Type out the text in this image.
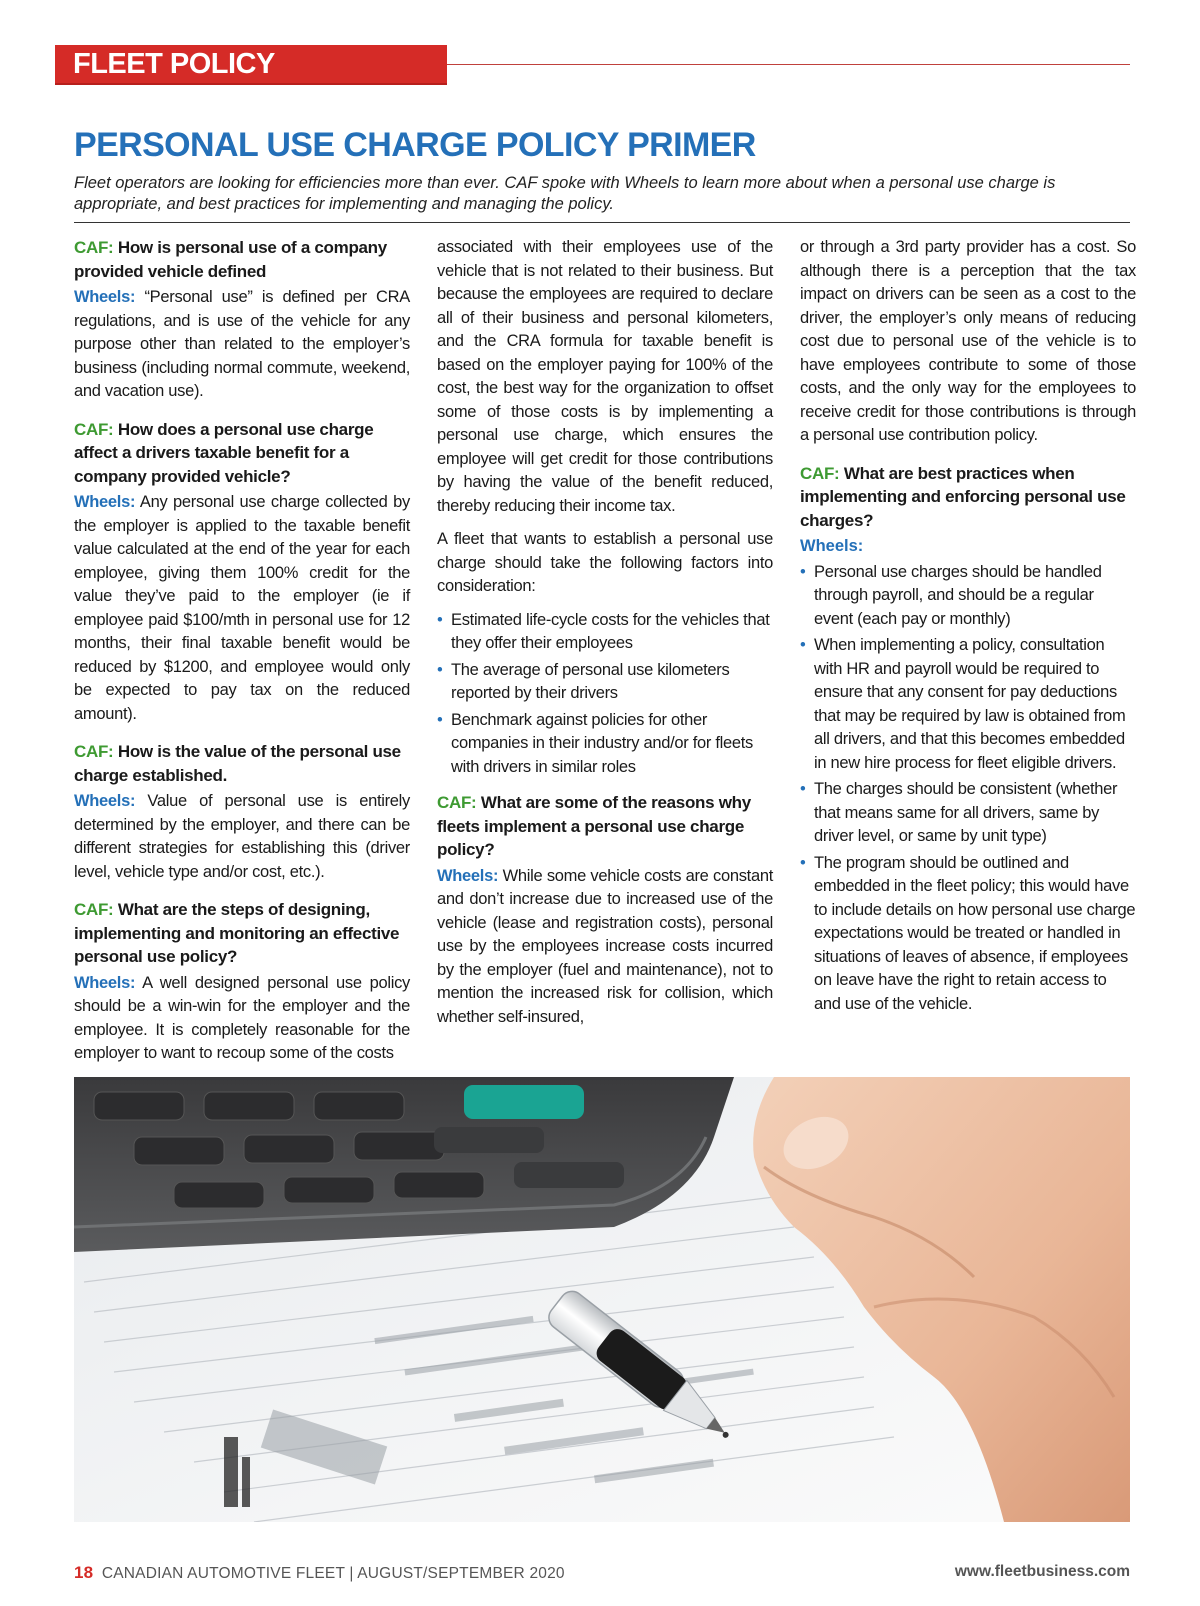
FLEET POLICY
PERSONAL USE CHARGE POLICY PRIMER

Fleet operators are looking for efficiencies more than ever. CAF spoke with Wheels to learn more about when a personal use charge is appropriate, and best practices for implementing and managing the policy.

CAF: How is personal use of a company provided vehicle defined

Wheels: “Personal use” is defined per CRA regulations, and is use of the vehicle for any purpose other than related to the employer’s business (including normal commute, weekend, and vacation use).

CAF: How does a personal use charge affect a drivers taxable benefit for a company provided vehicle?

Wheels: Any personal use charge collected by the employer is applied to the taxable benefit value calculated at the end of the year for each employee, giving them 100% credit for the value they’ve paid to the employer (ie if employee paid $100/mth in personal use for 12 months, their final taxable benefit would be reduced by $1200, and employee would only be expected to pay tax on the reduced amount).

CAF: How is the value of the personal use charge established.

Wheels: Value of personal use is entirely determined by the employer, and there can be different strategies for establishing this (driver level, vehicle type and/or cost, etc.).

CAF: What are the steps of designing, implementing and monitoring an effective personal use policy?

Wheels: A well designed personal use policy should be a win-win for the employer and the employee. It is completely reasonable for the employer to want to recoup some of the costs

associated with their employees use of the vehicle that is not related to their business. But because the employees are required to declare all of their business and personal kilometers, and the CRA formula for taxable benefit is based on the employer paying for 100% of the cost, the best way for the organization to offset some of those costs is by implementing a personal use charge, which ensures the employee will get credit for those contributions by having the value of the benefit reduced, thereby reducing their income tax.

A fleet that wants to establish a personal use charge should take the following factors into consideration:

• Estimated life-cycle costs for the vehicles that they offer their employees
• The average of personal use kilometers reported by their drivers
• Benchmark against policies for other companies in their industry and/or for fleets with drivers in similar roles

CAF: What are some of the reasons why fleets implement a personal use charge policy?

Wheels: While some vehicle costs are constant and don’t increase due to increased use of the vehicle (lease and registration costs), personal use by the employees increase costs incurred by the employer (fuel and maintenance), not to mention the increased risk for collision, which whether self-insured,

or through a 3rd party provider has a cost. So although there is a perception that the tax impact on drivers can be seen as a cost to the driver, the employer’s only means of reducing cost due to personal use of the vehicle is to have employees contribute to some of those costs, and the only way for the employees to receive credit for those contributions is through a personal use contribution policy.

CAF: What are best practices when implementing and enforcing personal use charges?

Wheels:

• Personal use charges should be handled through payroll, and should be a regular event (each pay or monthly)
• When implementing a policy, consultation with HR and payroll would be required to ensure that any consent for pay deductions that may be required by law is obtained from all drivers, and that this becomes embedded in new hire process for fleet eligible drivers.
• The charges should be consistent (whether that means same for all drivers, same by driver level, or same by unit type)
• The program should be outlined and embedded in the fleet policy; this would have to include details on how personal use charge expectations would be treated or handled in situations of leaves of absence, if employees on leave have the right to retain access to and use of the vehicle.
18 CANADIAN AUTOMOTIVE FLEET | AUGUST/SEPTEMBER 2020	www.fleetbusiness.com
